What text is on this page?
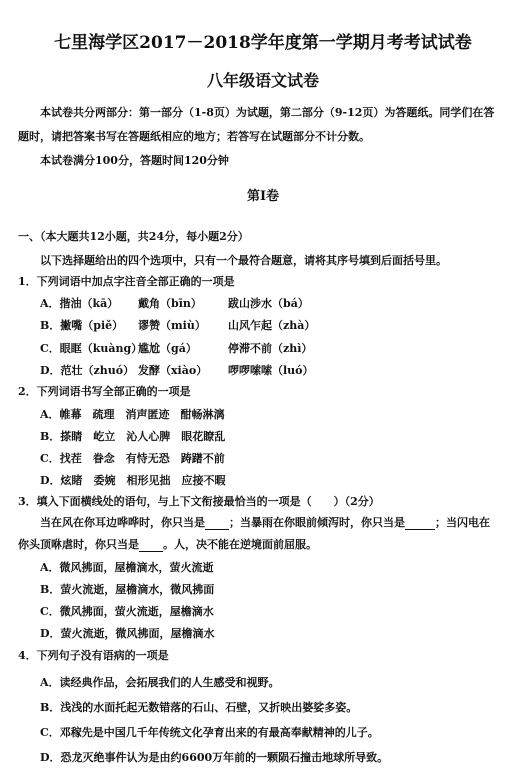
七里海学区2017－2018学年度第一学期月考考试试卷
八年级语文试卷
本试卷共分两部分：第一部分（1-8页）为试题，第二部分（9-12页）为答题纸。同学们在答
题时，请把答案书写在答题纸相应的地方；若答写在试题部分不计分数。
本试卷满分100分，答题时间120分钟
第Ⅰ卷
一、（本大题共12小题，共24分，每小题2分）
以下选择题给出的四个选项中，只有一个最符合题意，请将其序号填到后面括号里。
1．下列词语中加点字注音全部正确的一项是
A．揩油（kā） 戴角（bīn） 跋山涉水（bá）
B．撇嘴（piě） 谬赞（miù） 山风乍起（zhà）
C．眼眶（kuàng）
尴尬（gá）	停滞不前（zhì）
D．范壮（zhuó） 发酵（xiào） 啰啰嗦嗦（luó）
2．下列词语书写全部正确的一项是
A．帷幕　疏理　消声匿迹　酣畅淋漓
B．搽睛　屹立　沁人心脾　眼花瞭乱
C．找茬　眷念　有恃无恐　踌躇不前
D．炫睹　委婉　相形见拙　应接不暇
3．填入下面横线处的语句，与上下文衔接最恰当的一项是（　　）（2分）
当在风在你耳边哗哗时，你只当是 ；当暴雨在你眼前倾泻时，你只当是	；当闪电在
你头顶咻虐时，你只当是 。人，决不能在逆境面前屈服。
A．微风拂面，屋檐滴水，萤火流逝
B．萤火流逝，屋檐滴水，微风拂面
C．微风拂面，萤火流逝，屋檐滴水
D．萤火流逝，微风拂面，屋檐滴水
4．下列句子没有语病的一项是
A．读经典作品，会拓展我们的人生感受和视野。
B．浅浅的水面托起无数错落的石山、石壁，又折映出婆娑多姿。
C．邓稼先是中国几千年传统文化孕育出来的有最高奉献精神的儿子。
D．恐龙灭绝事件认为是由约6600万年前的一颗陨石撞击地球所导致。
